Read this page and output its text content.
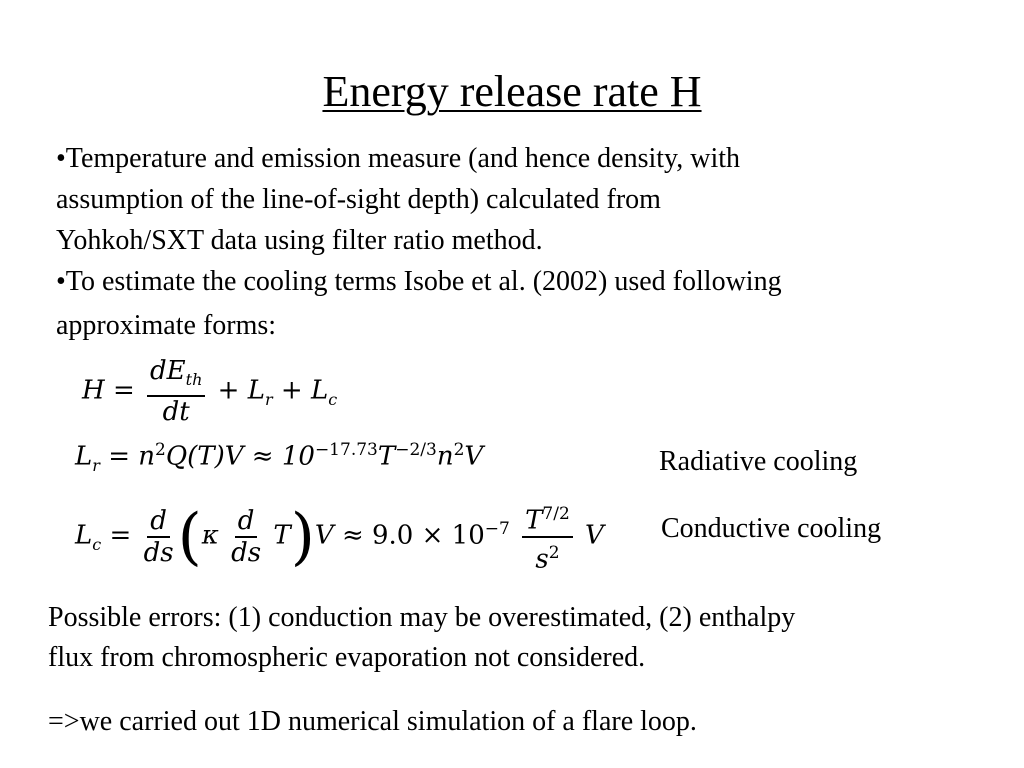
Energy release rate H

•Temperature and emission measure (and hence density, with
assumption of the line-of-sight depth) calculated from
Yohkoh/SXT data using filter ratio method.

•To estimate the cooling terms Isobe et al. (2002) used following
approximate forms:

$H = \frac{dE_{th}}{dt} + L_r + L_c$
$L_r = n^2Q(T)V \approx 10^{-17.73}T^{-2/3}n^2V$	Radiative cooling
$L_c = \frac{d}{ds} (\kappa \frac{d}{ds} T)V \approx 9.0 \times 10^{-7} \frac{T^{7/2}}{s^2}$ V Conductive cooling
Possible errors: (1) conduction may be overestimated, (2) enthalpy
flux from chromospheric evaporation not considered.
=>we carried out 1D numerical simulation of a flare loop.
